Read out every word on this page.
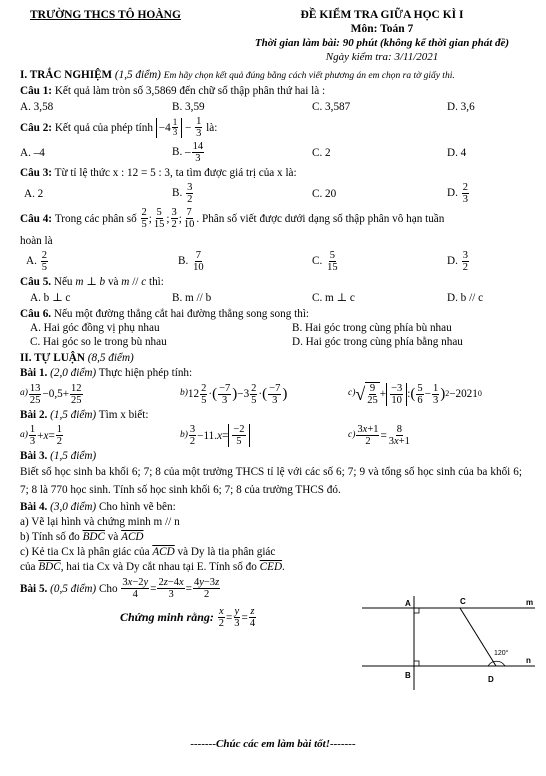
TRƯỜNG THCS TÔ HOÀNG	ĐỀ KIỂM TRA GIỮA HỌC KÌ I
Môn: Toán 7
Thời gian làm bài: 90 phút (không kể thời gian phát đề)
Ngày kiểm tra: 3/11/2021
I. TRẮC NGHIỆM (1,5 điểm) Em hãy chọn kết quả đúng bằng cách viết phương án em chọn ra tờ giấy thi.
Câu 1: Kết quả làm tròn số 3,5869 đến chữ số thập phân thứ hai là :
A. 3,58	B. 3,59	C. 3,587	D. 3,6
Câu 2:
Kết quả của phép tính
$-4 \frac{1}{3} - \frac{1}{3}$
là:
A. –4	B. – $\frac{14}{3}$	C. 2	D. 4
Câu 3: Từ tỉ lệ thức x : 12 = 5 : 3, ta tìm được giá trị của x là:
A. 2	B. $\frac{3}{2}$	C. 20	D. $\frac{2}{3}$
Câu 4:
Trong các phân số
$\frac{2}{5}$ ; $\frac{5}{15}$ ; $\frac{3}{2}$ ; $\frac{7}{10}$ . Phân số viết được dưới dạng số thập phân vô hạn tuần
hoàn là
A. $\frac{2}{5}$	B. $\frac{7}{10}$	C. $\frac{5}{15}$	D. $\frac{3}{2}$
Câu 5. Nếu m ⊥ b và m // c thì:
A. b ⊥ c	B. m // b	C. m ⊥ c	D. b // c
Câu 6. Nếu một đường thẳng cắt hai đường thẳng song song thì:
A. Hai góc đồng vị phụ nhau	B. Hai góc trong cùng phía bù nhau
C. Hai góc so le trong bù nhau	D. Hai góc trong cùng phía bằng nhau
II. TỰ LUẬN (8,5 điểm)
Bài 1. (2,0 điểm) Thực hiện phép tính:
$a) \frac{13}{25} -0,5+ \frac{12}{25}$	b) $12 \frac{2}{5}$ · ( $\frac{-7}{3}$ ) $-3 \frac{2}{5}$ · ( $\frac{-7}{3}$ )	c) √ $\frac{9}{25} + \frac{-3}{10}$ : ( $\frac{5}{6} - \frac{1}{3}$ ) 2 −2021 0
Bài 2. (1,5 điểm) Tìm x biết:
$a) \frac{1}{3} + x = \frac{1}{2}$	$b) \frac{3}{2} -11$. $x = \frac{-2}{5}$	$c) \frac{3x+1}{2} = \frac{8}{3x+1}$
Bài 3. (1,5 điểm)
Biết số học sinh ba khối 6; 7; 8 của một trường THCS tỉ lệ với các số 6; 7; 9 và tổng số học sinh của ba khối 6; 7; 8 là 770 học sinh. Tính số học sinh khối 6; 7; 8 của trường THCS đó.
Bài 4. (3,0 điểm) Cho hình vẽ bên:
a) Vẽ lại hình và chứng minh m // n
b) Tính số đo $\overline{BDC}$ và $\overline{ACD}$
c) Kẻ tia Cx là phân giác của $\overline{ACD}$ và Dy là tia phân giác
của $\overline{BDC}$, hai tia Cx và Dy cắt nhau tại E. Tính số đo $\overline{CED}$.
Bài 5.
(0,5 điểm)
Cho
$\frac{3x-2y}{4} = \frac{2z-4x}{3} = \frac{4y-3z}{2}$
Chứng minh rằng:
$\frac{x}{2} = \frac{y}{3} = \frac{z}{4}$
A	C	m
B	D
n
120°
-------Chúc các em làm bài tốt!-------
